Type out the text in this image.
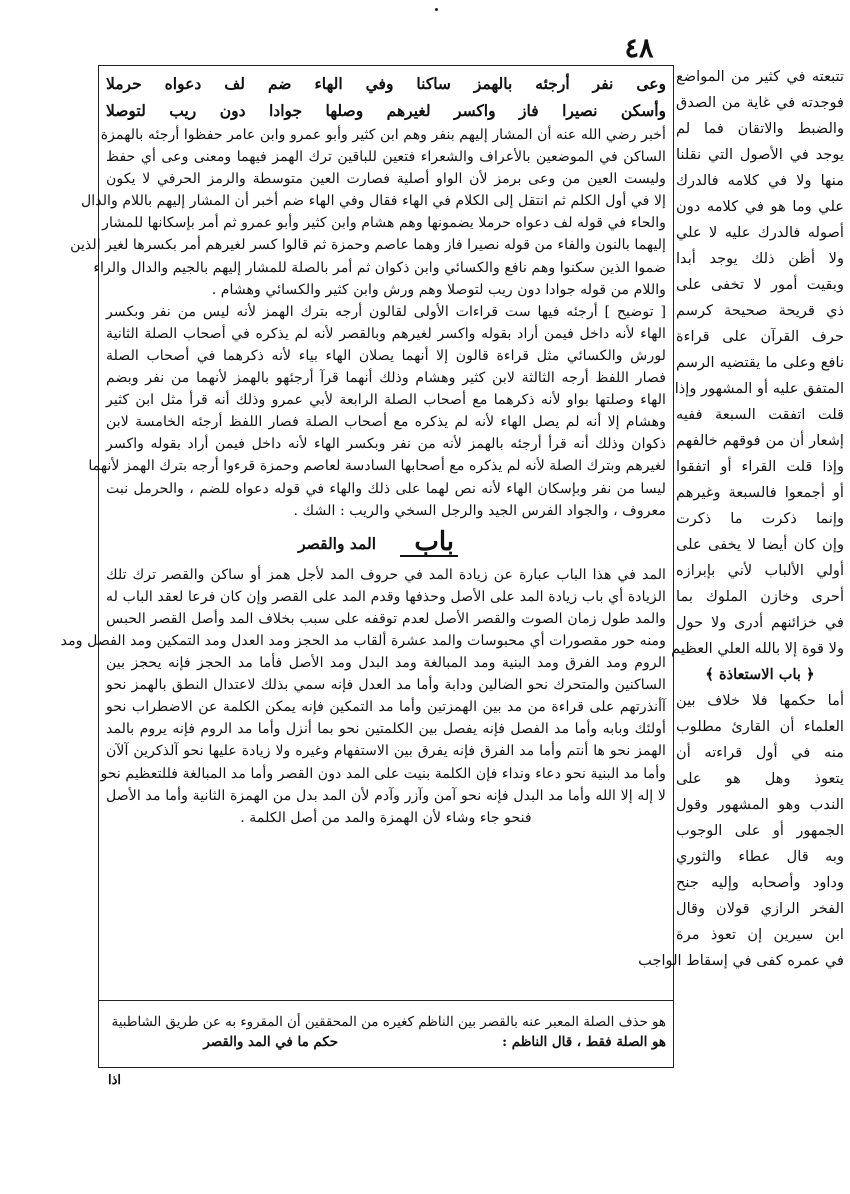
٤٨
تتبعته في كثير من المواضع
فوجدته في غاية من الصدق
والضبط والاتقان فما لم
يوجد في الأصول التي نقلنا
منها ولا في كلامه فالدرك
علي وما هو في كلامه دون
أصوله فالدرك عليه لا علي
ولا أظن ذلك يوجد أبدا
وبقيت أمور لا تخفى على
ذي قريحة صحيحة كرسم
حرف القرآن على قراءة
نافع وعلى ما يقتضيه الرسم
المتفق عليه أو المشهور وإذا
قلت اتفقت السبعة ففيه
إشعار أن من فوقهم خالفهم
وإذا قلت القراء أو اتفقوا
أو أجمعوا فالسبعة وغيرهم
وإنما ذكرت ما ذكرت
وإن كان أيضا لا يخفى على
أولي الألباب لأني بإبرازه
أحرى وخازن الملوك بما
في خزائنهم أدرى ولا حول
ولا قوة إلا بالله العلي العظيم
﴿ باب الاستعاذة ﴾
أما حكمها فلا خلاف بين
العلماء أن القارئ مطلوب
منه في أول قراءته أن
يتعوذ وهل هو على
الندب وهو المشهور وقول
الجمهور أو على الوجوب
وبه قال عطاء والثوري
وداود وأصحابه وإليه جنح
الفخر الرازي قولان وقال
ابن سيرين إن تعوذ مرة
في عمره كفى في إسقاط الواجب
وعى نفر أرجئه بالهمز ساكنا وفي الهاء ضم لف دعواه حرملا
وأسكن نصيرا فاز واكسر لغيرهم وصلها جوادا دون ريب لتوصلا
أخبر رضي الله عنه أن المشار إليهم بنفر وهم ابن كثير وأبو عمرو وابن عامر حفظوا أرجئه بالهمزة
الساكن في الموضعين بالأعراف والشعراء فتعين للباقين ترك الهمز فيهما ومعنى وعى أي حفظ
وليست العين من وعى برمز لأن الواو أصلية فصارت العين متوسطة والرمز الحرفي لا يكون
إلا في أول الكلم ثم انتقل إلى الكلام في الهاء فقال وفي الهاء ضم أخبر أن المشار إليهم باللام والدال
والحاء في قوله لف دعواه حرملا يضمونها وهم هشام وابن كثير وأبو عمرو ثم أمر بإسكانها للمشار
إليهما بالنون والفاء من قوله نصيرا فاز وهما عاصم وحمزة ثم قالوا كسر لغيرهم أمر بكسرها لغير الذين
ضموا الذين سكنوا وهم نافع والكسائي وابن ذكوان ثم أمر بالصلة للمشار إليهم بالجيم والدال والراء
واللام من قوله جوادا دون ريب لتوصلا وهم ورش وابن كثير والكسائي وهشام .
[ توضيح ] أرجئه فيها ست قراءات الأولى لقالون أرجه بترك الهمز لأنه ليس من نفر وبكسر
الهاء لأنه داخل فيمن أراد بقوله واكسر لغيرهم وبالقصر لأنه لم يذكره في أصحاب الصلة الثانية
لورش والكسائي مثل قراءة قالون إلا أنهما يصلان الهاء بياء لأنه ذكرهما في أصحاب الصلة
فصار اللفظ أرجه الثالثة لابن كثير وهشام وذلك أنهما قرآ أرجئهو بالهمز لأنهما من نفر وبضم
الهاء وصلتها بواو لأنه ذكرهما مع أصحاب الصلة الرابعة لأبي عمرو وذلك أنه قرأ مثل ابن كثير
وهشام إلا أنه لم يصل الهاء لأنه لم يذكره مع أصحاب الصلة فصار اللفظ أرجئه الخامسة لابن
ذكوان وذلك أنه قرأ أرجئه بالهمز لأنه من نفر وبكسر الهاء لأنه داخل فيمن أراد بقوله واكسر
لغيرهم وبترك الصلة لأنه لم يذكره مع أصحابها السادسة لعاصم وحمزة قرءوا أرجه بترك الهمز لأنهما
ليسا من نفر وبإسكان الهاء لأنه نص لهما على ذلك والهاء في قوله دعواه للضم ، والحرمل نبت
معروف ، والجواد الفرس الجيد والرجل السخي والريب : الشك .
باب
المد والقصر
المد في هذا الباب عبارة عن زيادة المد في حروف المد لأجل همز أو ساكن والقصر ترك تلك
الزيادة أي باب زيادة المد على الأصل وحذفها وقدم المد على القصر وإن كان فرعا لعقد الباب له
والمد طول زمان الصوت والقصر الأصل لعدم توقفه على سبب بخلاف المد وأصل القصر الحبس
ومنه حور مقصورات أي محبوسات والمد عشرة ألقاب مد الحجز ومد العدل ومد التمكين ومد الفصل ومد
الروم ومد الفرق ومد البنية ومد المبالغة ومد البدل ومد الأصل فأما مد الحجز فإنه يحجز بين
الساكنين والمتحرك نحو الضالين ودابة وأما مد العدل فإنه سمي بذلك لاعتدال النطق بالهمز نحو
آأنذرتهم على قراءة من مد بين الهمزتين وأما مد التمكين فإنه يمكن الكلمة عن الاضطراب نحو
أولئك وبابه وأما مد الفصل فإنه يفصل بين الكلمتين نحو بما أنزل وأما مد الروم فإنه يروم بالمد
الهمز نحو ها أنتم وأما مد الفرق فإنه يفرق بين الاستفهام وغيره ولا زيادة عليها نحو آلذكرين آلآن
وأما مد البنية نحو دعاء ونداء فإن الكلمة بنيت على المد دون القصر وأما مد المبالغة فللتعظيم نحو
لا إله إلا الله وأما مد البدل فإنه نحو آمن وآزر وآدم لأن المد بدل من الهمزة الثانية وأما مد الأصل
فنحو جاء وشاء لأن الهمزة والمد من أصل الكلمة .
هو حذف الصلة المعبر عنه بالقصر بين الناظم كغيره من المحققين أن المقروء به عن طريق الشاطبية
هو الصلة فقط ، قال الناظم :
حكم ما في المد والقصر
اذا
